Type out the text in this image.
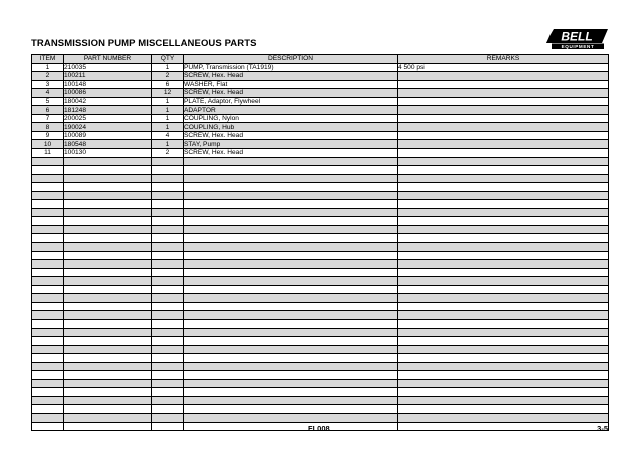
TRANSMISSION PUMP MISCELLANEOUS PARTS	BELL
EQUIPMENT
ITEM	PART NUMBER	QTY	DESCRIPTION	REMARKS
1	210035	1	PUMP, Transmission (TA1919)	4 500 psi
2	100211	2	SCREW, Hex. Head	
3	100148	6	WASHER, Flat	
4	100086	12	SCREW, Hex. Head	
5	180042	1	PLATE, Adaptor, Flywheel	
6	181248	1	ADAPTOR	
7	200025	1	COUPLING, Nylon	
8	190024	1	COUPLING, Hub	
9	100089	4	SCREW, Hex. Head	
10	180548	1	STAY, Pump	
11	100130	2	SCREW, Hex. Head	

FL008	3-5
